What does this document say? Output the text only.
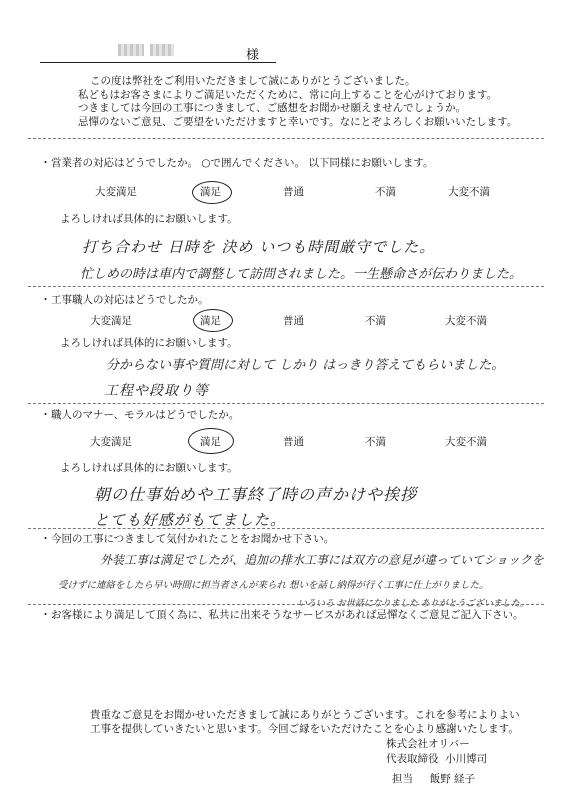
様
この度は弊社をご利用いただきまして誠にありがとうございました。
私どもはお客さまによりご満足いただくために、常に向上することを心がけております。
つきましては今回の工事につきまして、ご感想をお聞かせ願えませんでしょうか。
忌憚のないご意見、ご要望をいただけますと幸いです。なにとぞよろしくお願いいたします。
・営業者の対応はどうでしたか。 ○で囲んでください。 以下同様にお願いします。
大変満足	満足	普通	不満	大変不満
よろしければ具体的にお願いします。
打ち合わせ 日時を 決め いつも時間厳守でした。
忙しめの時は車内で調整して訪問されました。一生懸命さが伝わりました。
・工事職人の対応はどうでしたか。
大変満足	満足	普通	不満	大変不満
よろしければ具体的にお願いします。
分からない事や質問に対して しかり はっきり答えてもらいました。
工程や段取り等
・職人のマナー、モラルはどうでしたか。
大変満足	満足	普通	不満	大変不満
よろしければ具体的にお願いします。
朝の仕事始めや工事終了時の声かけや挨拶
とても好感がもてました。
・今回の工事につきまして気付かれたことをお聞かせ下さい。
外装工事は満足でしたが、追加の排水工事には双方の意見が違っていてショックを
受けずに連絡をしたら早い時間に担当者さんが来られ 想いを話し納得が行く工事に仕上がりました。
いろいろ お世話になりました ありがとうございました。
・お客様により満足して頂く為に、私共に出来そうなサービスがあれば忌憚なくご意見ご記入下さい。
貴重なご意見をお聞かせいただきまして誠にありがとうございます。これを参考によりよい
工事を提供していきたいと思います。今回ご縁をいただけたことを心より感謝いたします。
株式会社オリバー
代表取締役 小川博司
担当 飯野 経子
